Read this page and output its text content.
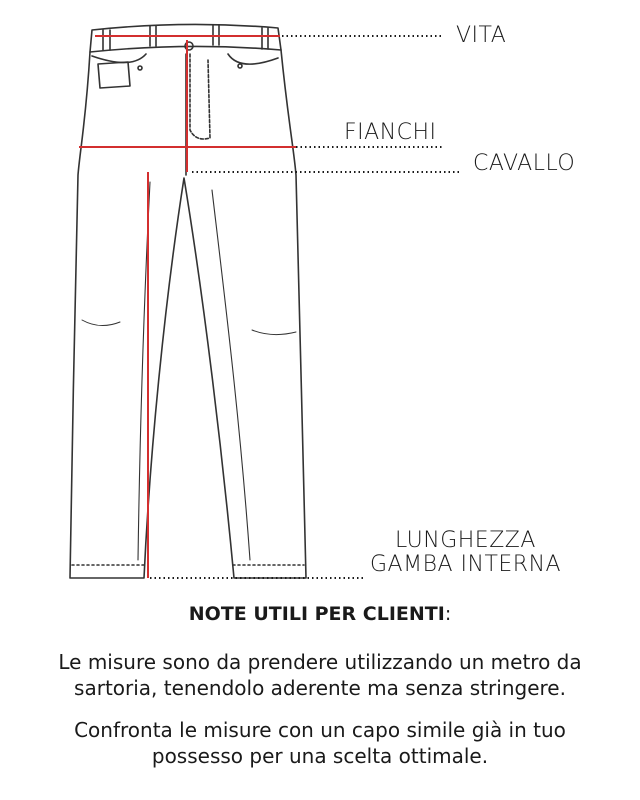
VITA
FIANCHI
CAVALLO
LUNGHEZZA
GAMBA INTERNA
NOTE UTILI PER CLIENTI:

Le misure sono da prendere utilizzando un metro da
sartoria, tenendolo aderente ma senza stringere.

Confronta le misure con un capo simile già in tuo
possesso per una scelta ottimale.
